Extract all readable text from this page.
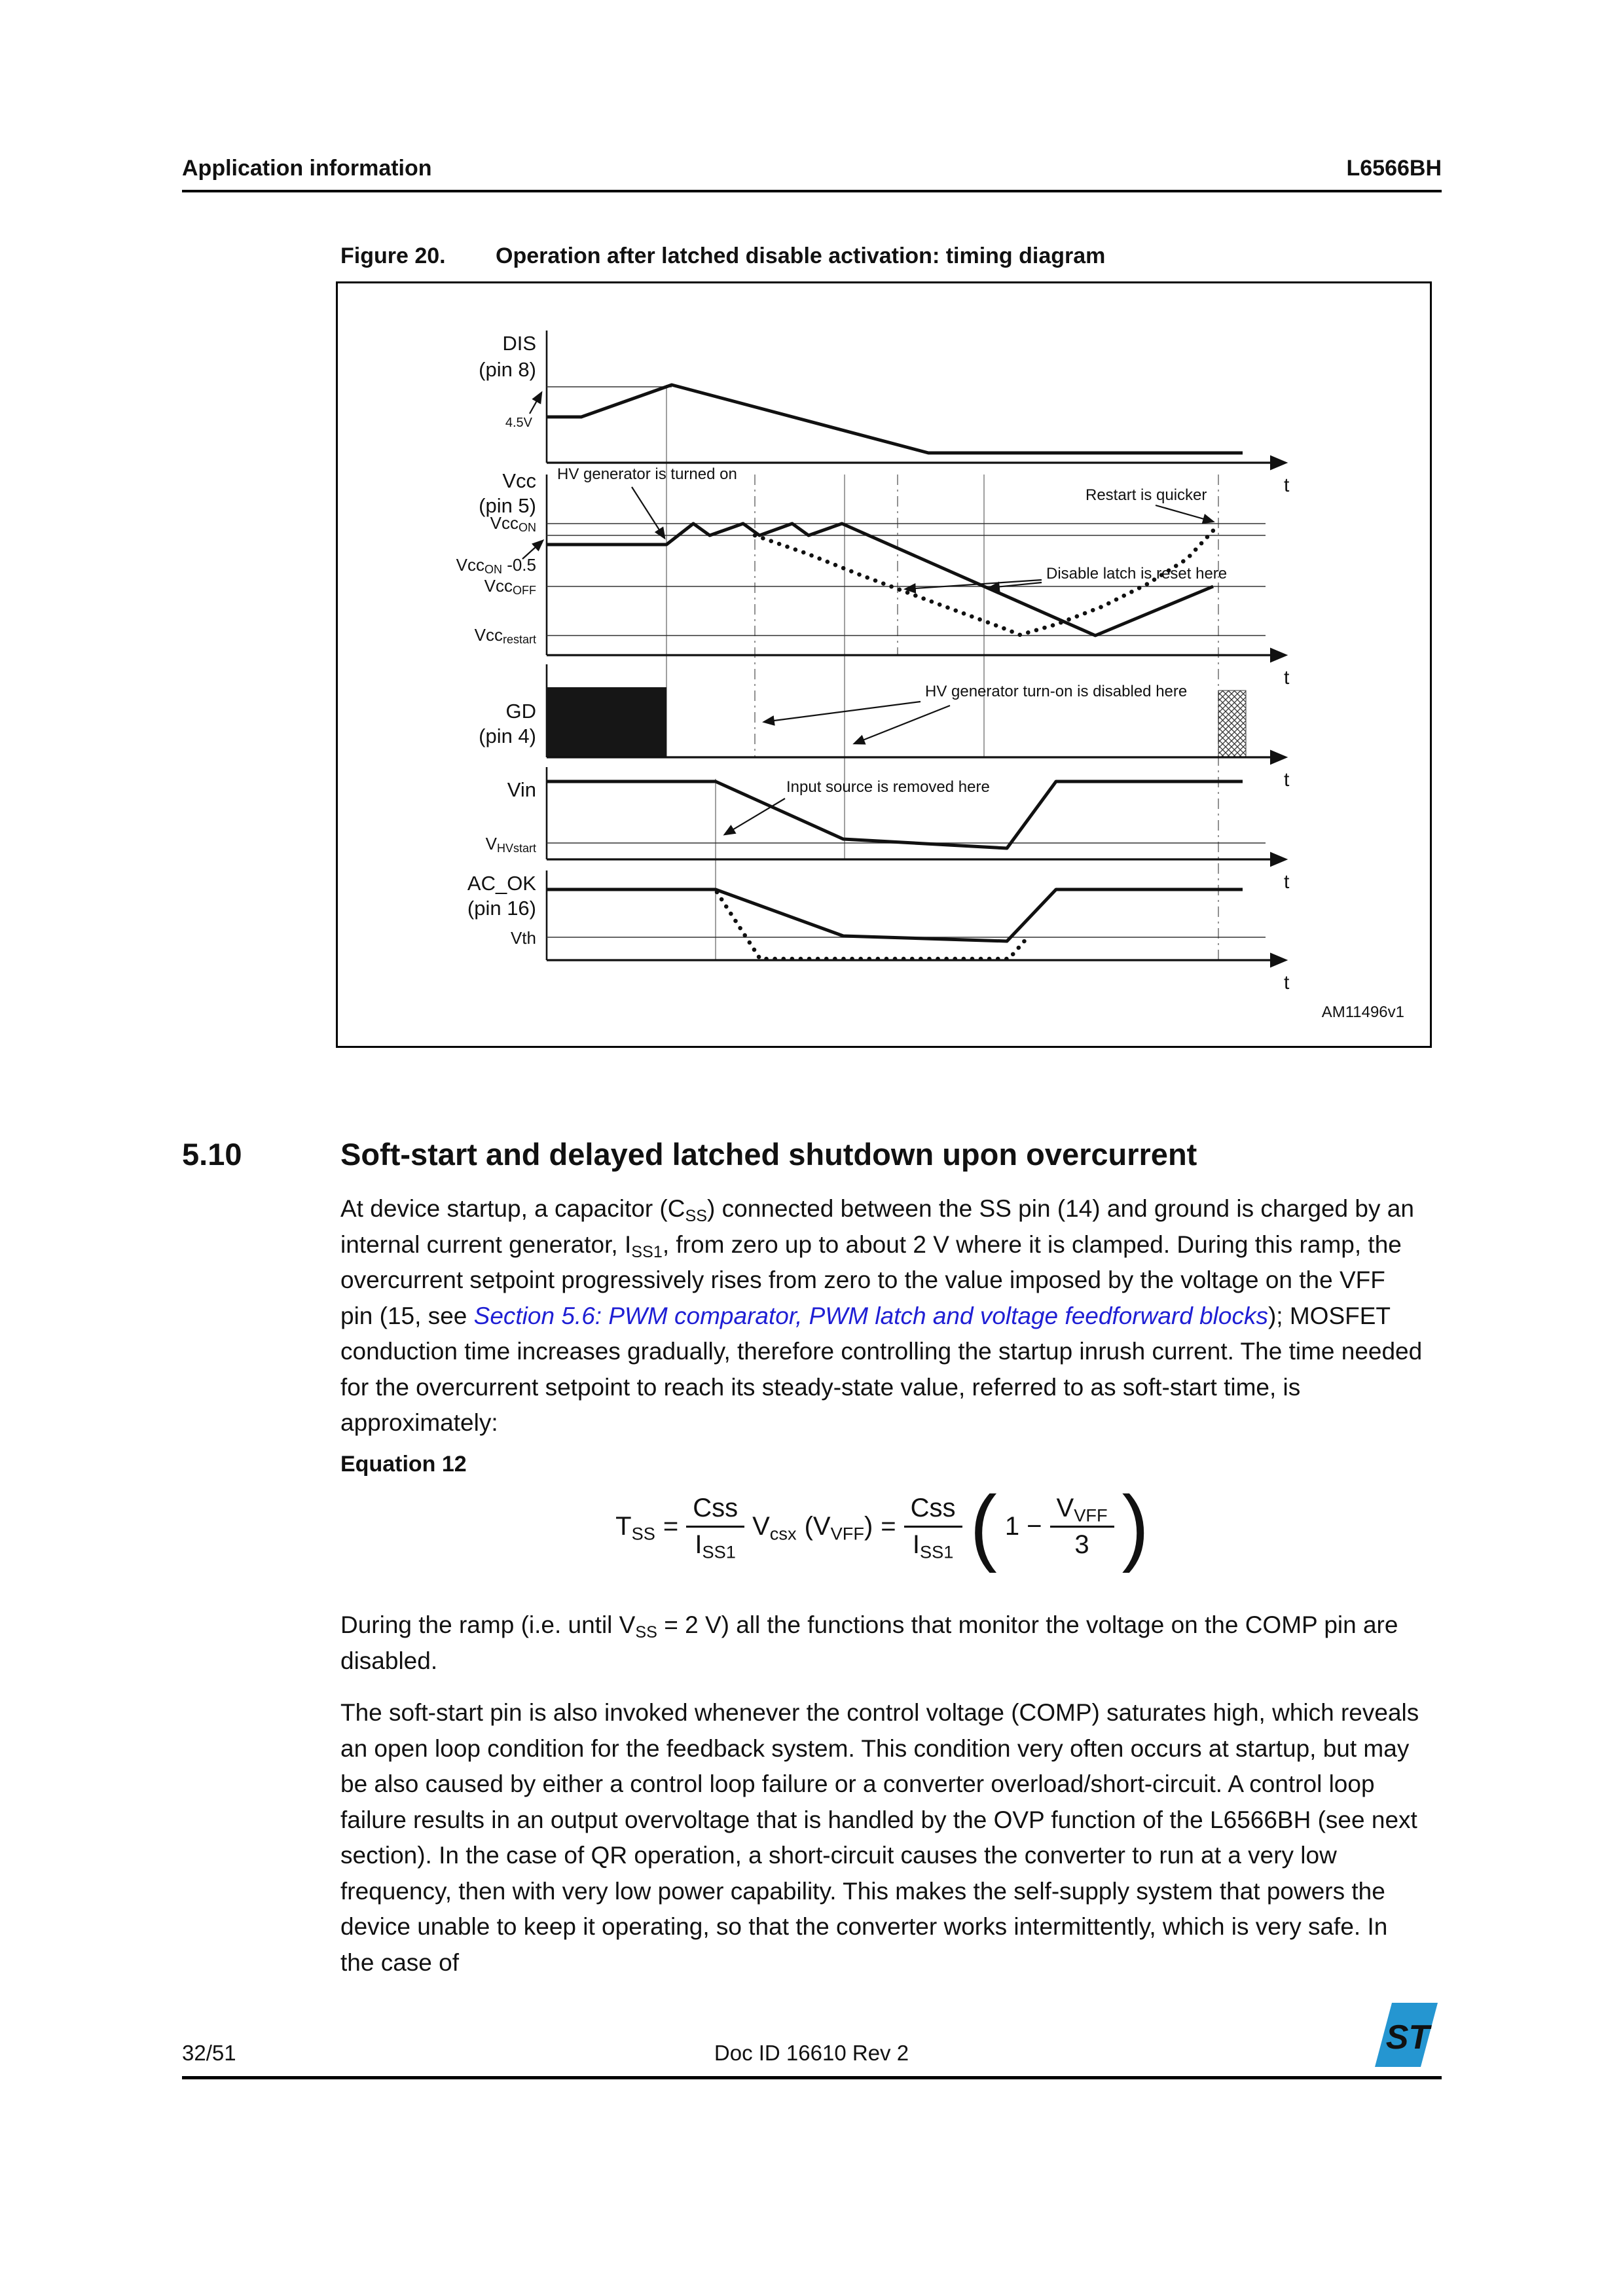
Application information	L6566BH
Figure 20. Operation after latched disable activation: timing diagram
DIS
(pin 8)
4.5V
t
Vcc
(pin 5)
VccON
VccON -0.5
VccOFF
Vccrestart
t
HV generator is turned on
Restart is quicker
Disable latch is reset here
GD
(pin 4)
t
HV generator turn-on is disabled here
Vin
VHVstart
t
Input source is removed here
AC_OK
(pin 16)
Vth
t
AM11496v1
5.10	Soft-start and delayed latched shutdown upon overcurrent
At device startup, a capacitor $(C_{SS})$ connected between the SS pin (14) and ground is charged by an internal current generator, $I_{SS1}$, from zero up to about 2 V where it is clamped. During this ramp, the overcurrent setpoint progressively rises from zero to the value imposed by the voltage on the VFF pin (15, see Section 5.6: PWM comparator, PWM latch and voltage feedforward blocks); MOSFET conduction time increases gradually, therefore controlling the startup inrush current. The time needed for the overcurrent setpoint to reach its steady-state value, referred to as soft-start time, is approximately:
Equation 12
$T_{SS} = \frac{\text{Css}}{I_{SS1}} V_{csx}$ $(V_{VFF}) = \frac{\text{Css}}{I_{SS1}}$ ( $1 - \frac{V_{VFF}}{3}$ )
During the ramp (i.e. until $V_{SS} = 2$ V) all the functions that monitor the voltage on the COMP pin are disabled.
The soft-start pin is also invoked whenever the control voltage (COMP) saturates high, which reveals an open loop condition for the feedback system. This condition very often occurs at startup, but may be also caused by either a control loop failure or a converter overload/short-circuit. A control loop failure results in an output overvoltage that is handled by the OVP function of the L6566BH (see next section). In the case of QR operation, a short-circuit causes the converter to run at a very low frequency, then with very low power capability. This makes the self-supply system that powers the device unable to keep it operating, so that the converter works intermittently, which is very safe. In the case of
32/51	Doc ID 16610 Rev 2	ST
